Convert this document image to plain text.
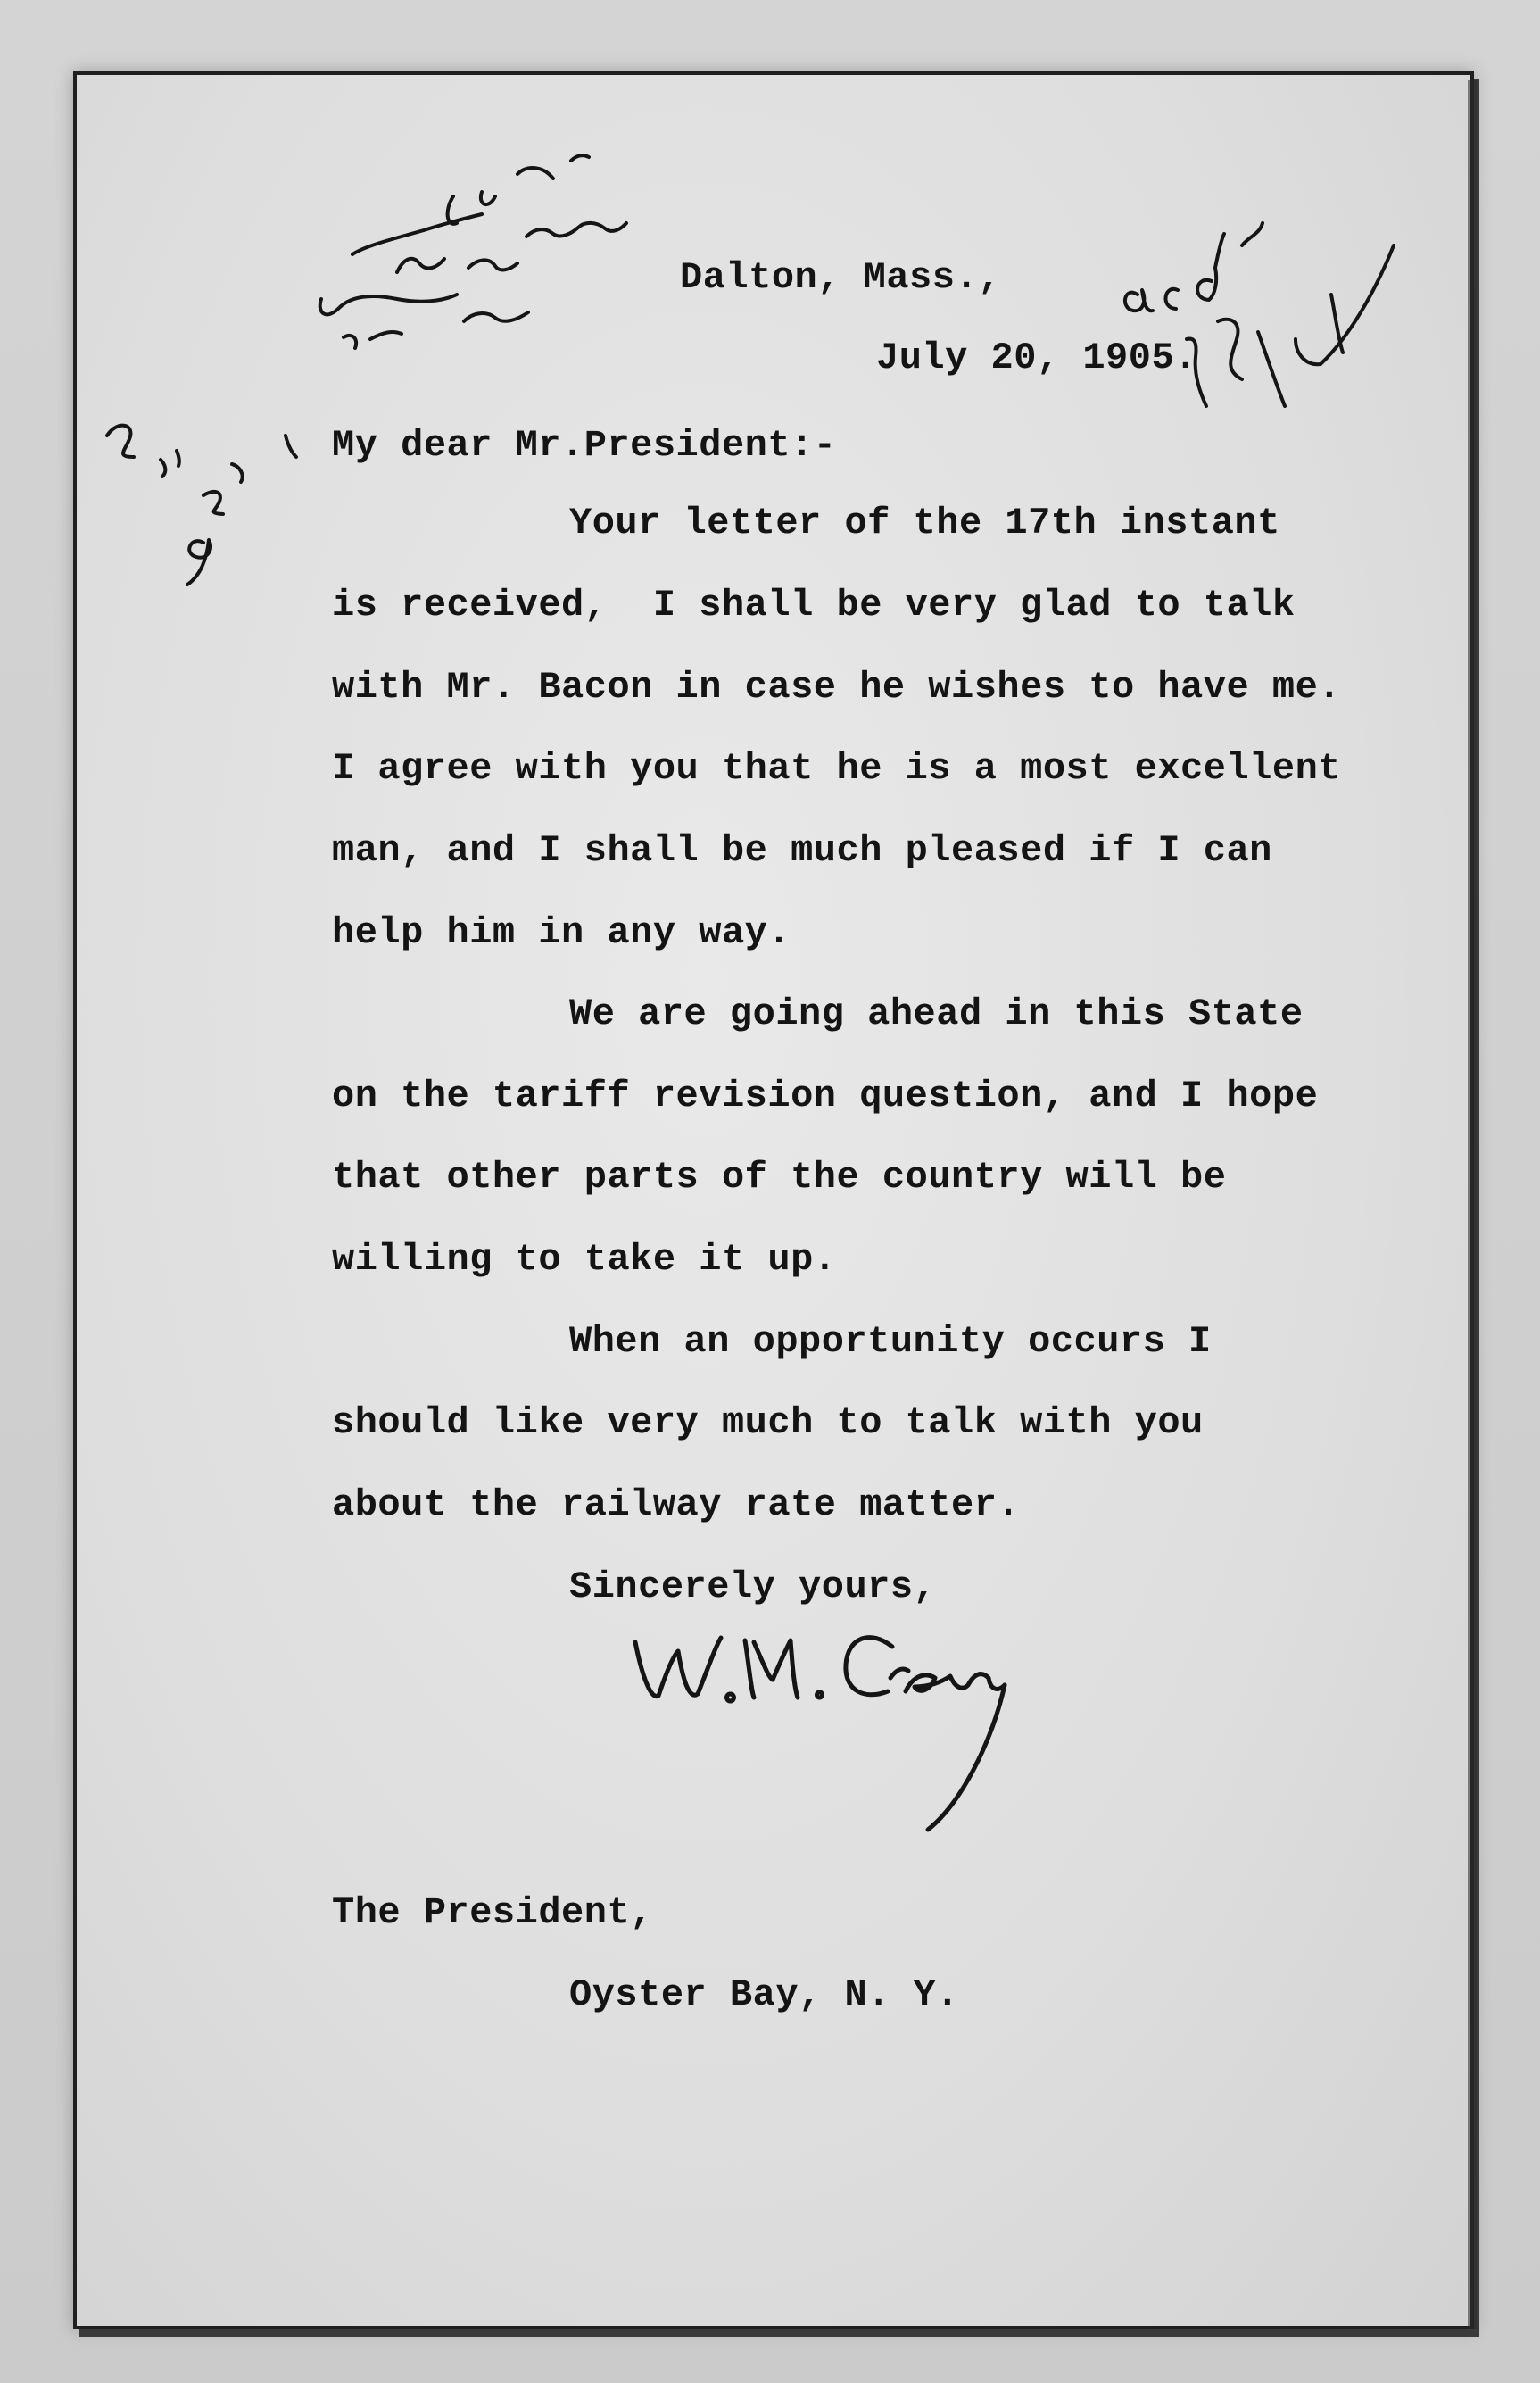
Dalton, Mass.,

July 20, 1905.

My dear Mr.President:-

Your letter of the 17th instant

is received,  I shall be very glad to talk

with Mr. Bacon in case he wishes to have me.

I agree with you that he is a most excellent

man, and I shall be much pleased if I can

help him in any way.

We are going ahead in this State

on the tariff revision question, and I hope

that other parts of the country will be

willing to take it up.

When an opportunity occurs I

should like very much to talk with you

about the railway rate matter.

Sincerely yours,

The President,

Oyster Bay, N. Y.
